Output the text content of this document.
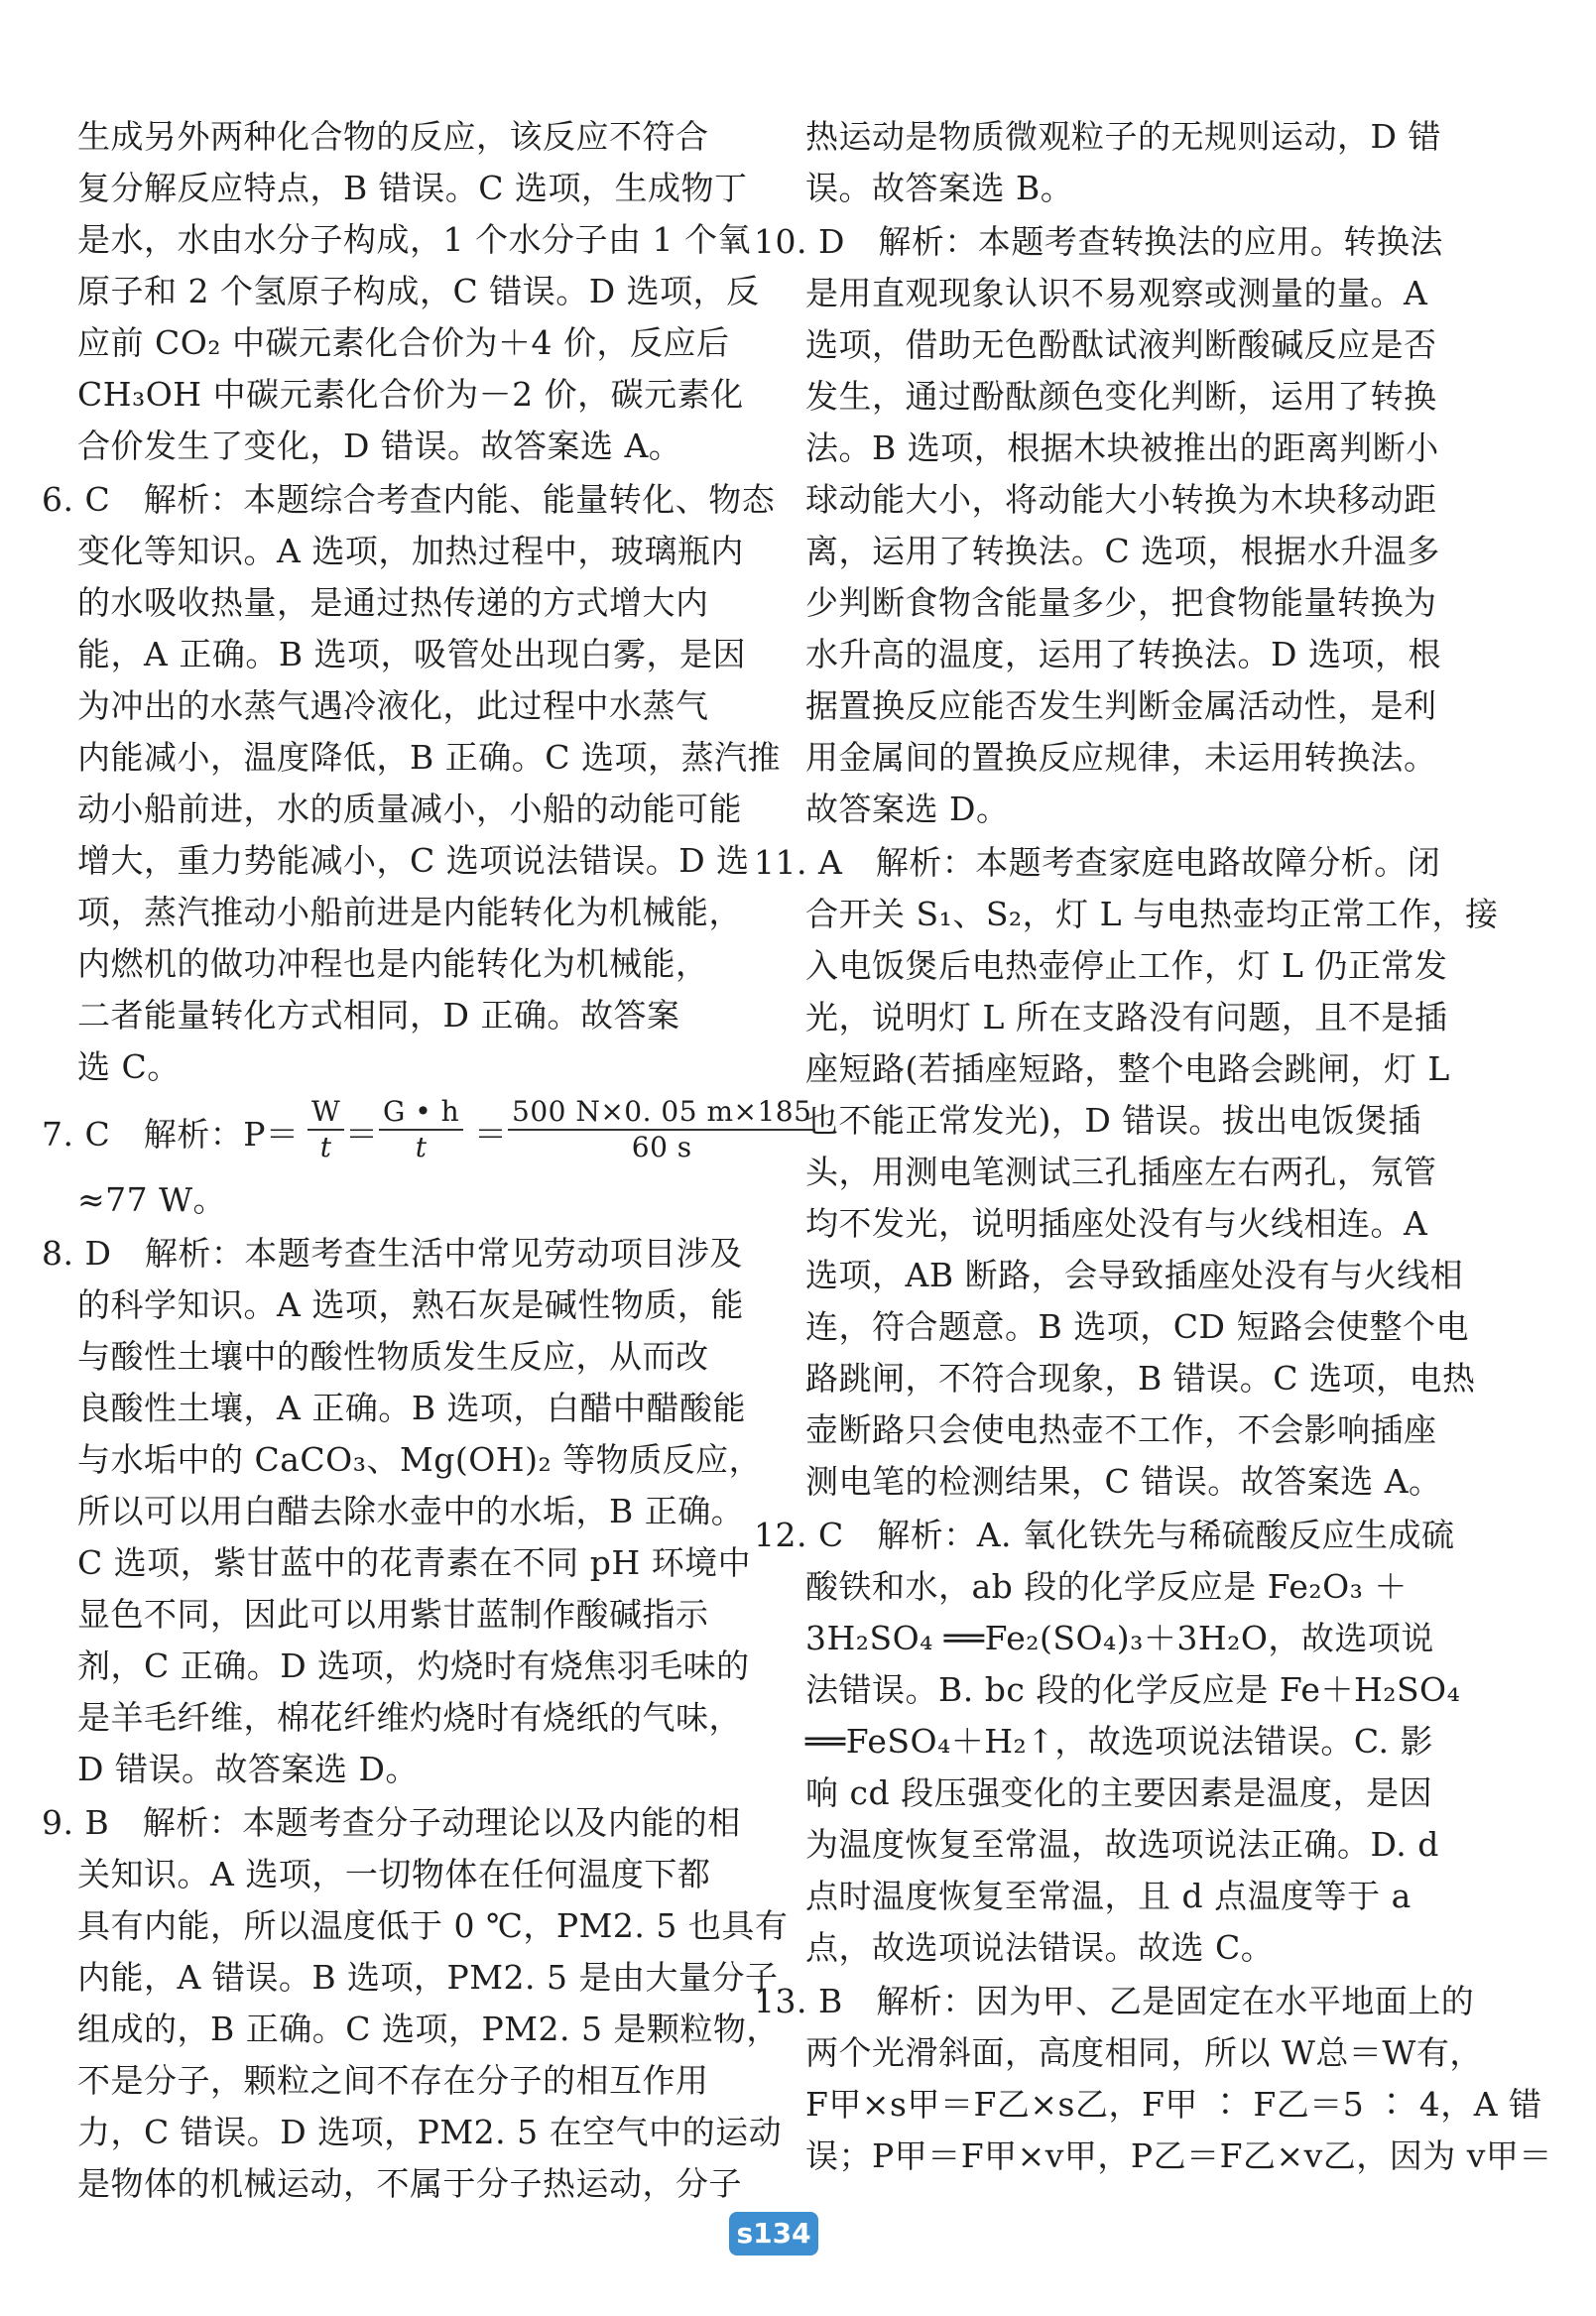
生成另外两种化合物的反应，该反应不符合
复分解反应特点，B 错误。C 选项，生成物丁
是水，水由水分子构成，1 个水分子由 1 个氧
原子和 2 个氢原子构成，C 错误。D 选项，反
应前 CO₂ 中碳元素化合价为＋4 价，反应后
CH₃OH 中碳元素化合价为－2 价，碳元素化
合价发生了变化，D 错误。故答案选 A。
6. C　解析：本题综合考查内能、能量转化、物态
变化等知识。A 选项，加热过程中，玻璃瓶内
的水吸收热量，是通过热传递的方式增大内
能，A 正确。B 选项，吸管处出现白雾，是因
为冲出的水蒸气遇冷液化，此过程中水蒸气
内能减小，温度降低，B 正确。C 选项，蒸汽推
动小船前进，水的质量减小，小船的动能可能
增大，重力势能减小，C 选项说法错误。D 选
项，蒸汽推动小船前进是内能转化为机械能，
内燃机的做功冲程也是内能转化为机械能，
二者能量转化方式相同，D 正确。故答案
选 C。
7. C　解析：$P= \frac{W}{t} = \frac{G • h}{t} = \frac{500 N\times 0. 05 m\times 185}{60 s}$
≈77 W。
8. D　解析：本题考查生活中常见劳动项目涉及
的科学知识。A 选项，熟石灰是碱性物质，能
与酸性土壤中的酸性物质发生反应，从而改
良酸性土壤，A 正确。B 选项，白醋中醋酸能
与水垢中的 CaCO₃、Mg(OH)₂ 等物质反应，
所以可以用白醋去除水壶中的水垢，B 正确。
C 选项，紫甘蓝中的花青素在不同 pH 环境中
显色不同，因此可以用紫甘蓝制作酸碱指示
剂，C 正确。D 选项，灼烧时有烧焦羽毛味的
是羊毛纤维，棉花纤维灼烧时有烧纸的气味，
D 错误。故答案选 D。
9. B　解析：本题考查分子动理论以及内能的相
关知识。A 选项，一切物体在任何温度下都
具有内能，所以温度低于 0 ℃，PM2. 5 也具有
内能，A 错误。B 选项，PM2. 5 是由大量分子
组成的，B 正确。C 选项，PM2. 5 是颗粒物，
不是分子，颗粒之间不存在分子的相互作用
力，C 错误。D 选项，PM2. 5 在空气中的运动
是物体的机械运动，不属于分子热运动，分子
热运动是物质微观粒子的无规则运动，D 错
误。故答案选 B。
10. D　解析：本题考查转换法的应用。转换法
是用直观现象认识不易观察或测量的量。A
选项，借助无色酚酞试液判断酸碱反应是否
发生，通过酚酞颜色变化判断，运用了转换
法。B 选项，根据木块被推出的距离判断小
球动能大小，将动能大小转换为木块移动距
离，运用了转换法。C 选项，根据水升温多
少判断食物含能量多少，把食物能量转换为
水升高的温度，运用了转换法。D 选项，根
据置换反应能否发生判断金属活动性，是利
用金属间的置换反应规律，未运用转换法。
故答案选 D。
11. A　解析：本题考查家庭电路故障分析。闭
合开关 S₁、S₂，灯 L 与电热壶均正常工作，接
入电饭煲后电热壶停止工作，灯 L 仍正常发
光，说明灯 L 所在支路没有问题，且不是插
座短路(若插座短路，整个电路会跳闸，灯 L
也不能正常发光)，D 错误。拔出电饭煲插
头，用测电笔测试三孔插座左右两孔，氖管
均不发光，说明插座处没有与火线相连。A
选项，AB 断路，会导致插座处没有与火线相
连，符合题意。B 选项，CD 短路会使整个电
路跳闸，不符合现象，B 错误。C 选项，电热
壶断路只会使电热壶不工作，不会影响插座
测电笔的检测结果，C 错误。故答案选 A。
12. C　解析：A. 氧化铁先与稀硫酸反应生成硫
酸铁和水，ab 段的化学反应是 Fe₂O₃ ＋
3H₂SO₄ ══Fe₂(SO₄)₃＋3H₂O，故选项说
法错误。B. bc 段的化学反应是 Fe＋H₂SO₄
══FeSO₄＋H₂↑，故选项说法错误。C. 影
响 cd 段压强变化的主要因素是温度，是因
为温度恢复至常温，故选项说法正确。D. d
点时温度恢复至常温，且 d 点温度等于 a
点，故选项说法错误。故选 C。
13. B　解析：因为甲、乙是固定在水平地面上的
两个光滑斜面，高度相同，所以 W总＝W有，
F甲×s甲＝F乙×s乙，F甲 ∶ F乙＝5 ∶ 4，A 错
误；P甲＝F甲×v甲，P乙＝F乙×v乙，因为 v甲＝
s134
